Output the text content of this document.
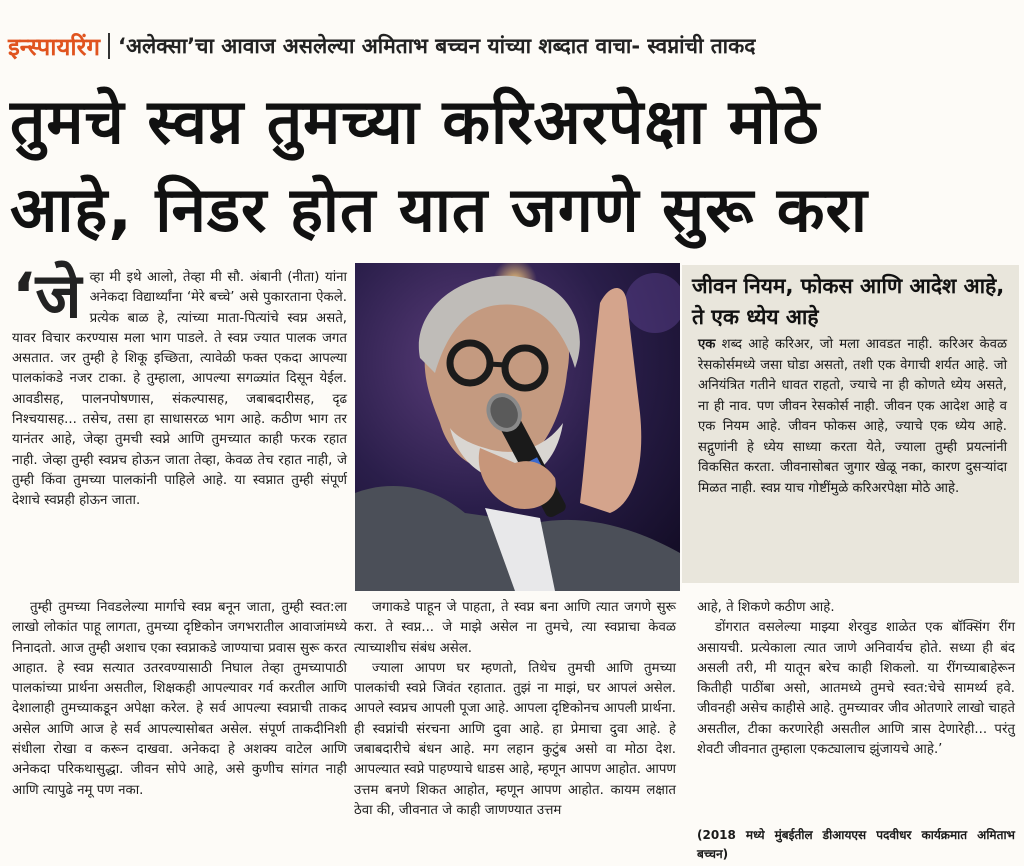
इन्स्पायरिंग ‘अलेक्सा’चा आवाज असलेल्या अमिताभ बच्चन यांच्या शब्दात वाचा- स्वप्नांची ताकद
तुमचे स्वप्न तुमच्या करिअरपेक्षा मोठे
आहे, निडर होत यात जगणे सुरू करा
‘जे व्हा मी इथे आलो, तेव्हा मी सौ. अंबानी (नीता) यांना अनेकदा विद्यार्थ्यांना ‘मेरे बच्चे’ असे पुकारताना ऐकले. प्रत्येक बाळ हे, त्यांच्या माता-पित्यांचे स्वप्न असते, यावर विचार करण्यास मला भाग पाडले. ते स्वप्न ज्यात पालक जगत असतात. जर तुम्ही हे शिकू इच्छिता, त्यावेळी फक्त एकदा आपल्या पालकांकडे नजर टाका. हे तुम्हाला, आपल्या सगळ्यांत दिसून येईल. आवडीसह, पालनपोषणास, संकल्पासह, जबाबदारीसह, दृढ निश्चयासह... तसेच, तसा हा साधासरळ भाग आहे. कठीण भाग तर यानंतर आहे, जेव्हा तुमची स्वप्ने आणि तुमच्यात काही फरक रहात नाही. जेव्हा तुम्ही स्वप्नच होऊन जाता तेव्हा, केवळ तेच रहात नाही, जे तुम्ही किंवा तुमच्या पालकांनी पाहिले आहे. या स्वप्नात तुम्ही संपूर्ण देशाचे स्वप्नही होऊन जाता.

जीवन नियम, फोकस आणि आदेश आहे, ते एक ध्येय आहे
एक शब्द आहे करिअर, जो मला आवडत नाही. करिअर केवळ रेसकोर्समध्ये जसा घोडा असतो, तशी एक वेगाची शर्यत आहे. जो अनियंत्रित गतीने धावत राहतो, ज्याचे ना ही कोणते ध्येय असते, ना ही नाव. पण जीवन रेसकोर्स नाही. जीवन एक आदेश आहे व एक नियम आहे. जीवन फोकस आहे, ज्याचे एक ध्येय आहे. सद्गुणांनी हे ध्येय साध्या करता येते, ज्याला तुम्ही प्रयत्नांनी विकसित करता. जीवनासोबत जुगार खेळू नका, कारण दुसऱ्यांदा मिळत नाही. स्वप्न याच गोष्टींमुळे करिअरपेक्षा मोठे आहे.

तुम्ही तुमच्या निवडलेल्या मार्गाचे स्वप्न बनून जाता, तुम्ही स्वत:ला लाखो लोकांत पाहू लागता, तुमच्या दृष्टिकोन जगभरातील आवाजांमध्ये निनादतो. आज तुम्ही अशाच एका स्वप्नाकडे जाण्याचा प्रवास सुरू करत आहात. हे स्वप्न सत्यात उतरवण्यासाठी निघाल तेव्हा तुमच्यापाठी पालकांच्या प्रार्थना असतील, शिक्षकही आपल्यावर गर्व करतील आणि देशालाही तुमच्याकडून अपेक्षा करेल. हे सर्व आपल्या स्वप्नाची ताकद असेल आणि आज हे सर्व आपल्यासोबत असेल. संपूर्ण ताकदीनिशी संधीला रोखा व करून दाखवा. अनेकदा हे अशक्य वाटेल आणि अनेकदा परिकथासुद्धा. जीवन सोपे आहे, असे कुणीच सांगत नाही आणि त्यापुढे नमू पण नका.

जगाकडे पाहून जे पाहता, ते स्वप्न बना आणि त्यात जगणे सुरू करा. ते स्वप्न... जे माझे असेल ना तुमचे, त्या स्वप्नाचा केवळ त्याच्याशीच संबंध असेल.

ज्याला आपण घर म्हणतो, तिथेच तुमची आणि तुमच्या पालकांची स्वप्ने जिवंत रहातात. तुझं ना माझं, घर आपलं असेल. आपले स्वप्नच आपली पूजा आहे. आपला दृष्टिकोनच आपली प्रार्थना. ही स्वप्नांची संरचना आणि दुवा आहे. हा प्रेमाचा दुवा आहे. हे जबाबदारीचे बंधन आहे. मग लहान कुटुंब असो वा मोठा देश. आपल्यात स्वप्ने पाहण्याचे धाडस आहे, म्हणून आपण आहोत. आपण उत्तम बनणे शिकत आहोत, म्हणून आपण आहोत. कायम लक्षात ठेवा की, जीवनात जे काही जाणण्यात उत्तम

आहे, ते शिकणे कठीण आहे.

डोंगरात वसलेल्या माझ्या शेरवुड शाळेत एक बॉक्सिंग रींग असायची. प्रत्येकाला त्यात जाणे अनिवार्यच होते. सध्या ही बंद असली तरी, मी यातून बरेच काही शिकलो. या रींगच्याबाहेरून कितीही पाठींबा असो, आतमध्ये तुमचे स्वत:चेचे सामर्थ्य हवे. जीवनही असेच काहीसे आहे. तुमच्यावर जीव ओतणारे लाखो चाहते असतील, टीका करणारेही असतील आणि त्रास देणारेही... परंतु शेवटी जीवनात तुम्हाला एकट्यालाच झुंजायचे आहे.’

(2018 मध्ये मुंबईतील डीआयएस पदवीधर कार्यक्रमात अमिताभ बच्चन)
